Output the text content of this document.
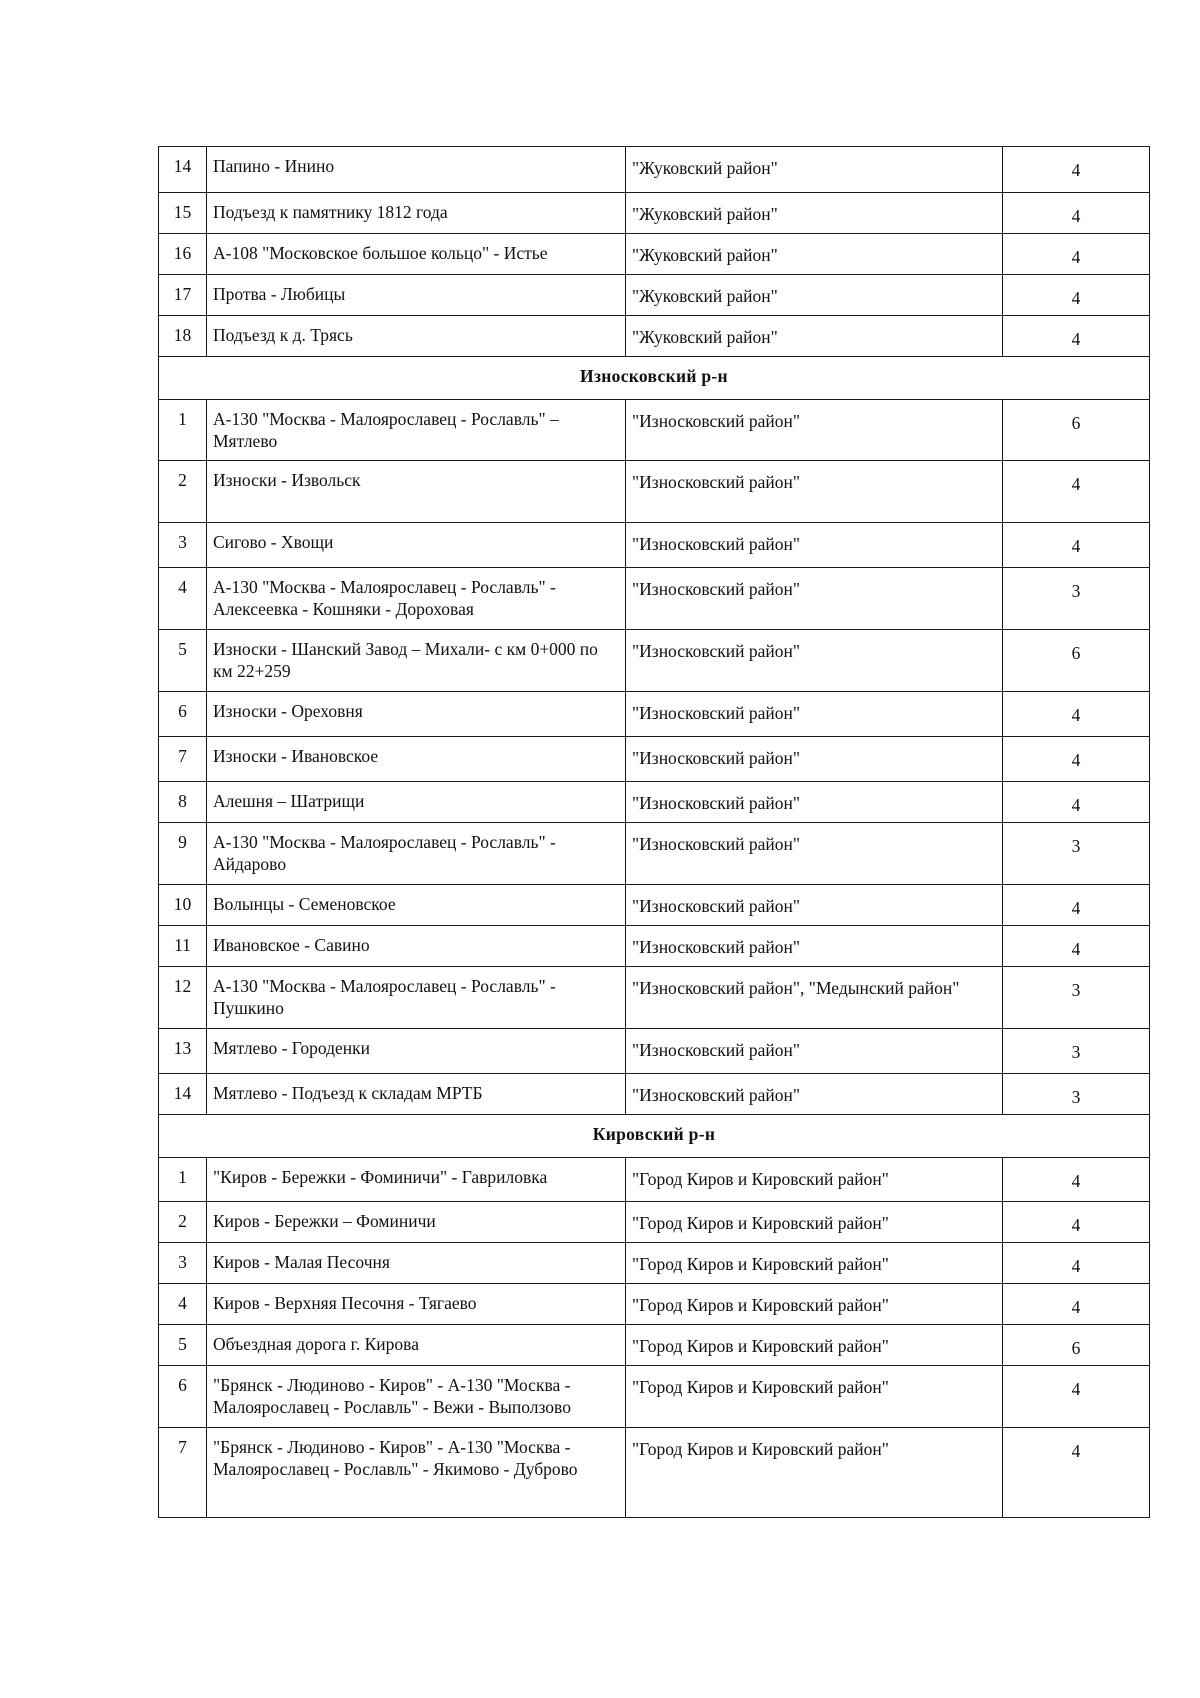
14	Папино - Инино	"Жуковский район"	4
15	Подъезд к памятнику 1812 года	"Жуковский район"	4
16	А-108 "Московское большое кольцо" - Истье	"Жуковский район"	4
17	Протва - Любицы	"Жуковский район"	4
18	Подъезд к д. Трясь	"Жуковский район"	4
Износковский р-н			
1	А-130 "Москва - Малоярославец - Рославль" – Мятлево	"Износковский район"	6
2	Износки - Извольск	"Износковский район"	4
3	Сигово - Хвощи	"Износковский район"	4
4	А-130 "Москва - Малоярославец - Рославль" - Алексеевка - Кошняки - Дороховая	"Износковский район"	3
5	Износки - Шанский Завод – Михали- с км 0+000 по км 22+259	"Износковский район"	6
6	Износки - Ореховня	"Износковский район"	4
7	Износки - Ивановское	"Износковский район"	4
8	Алешня – Шатрищи	"Износковский район"	4
9	А-130 "Москва - Малоярославец - Рославль" - Айдарово	"Износковский район"	3
10	Волынцы - Семеновское	"Износковский район"	4
11	Ивановское - Савино	"Износковский район"	4
12	А-130 "Москва - Малоярославец - Рославль" - Пушкино	"Износковский район", "Медынский район"	3
13	Мятлево - Городенки	"Износковский район"	3
14	Мятлево - Подъезд к складам МРТБ	"Износковский район"	3
Кировский р-н			
1	"Киров - Бережки - Фоминичи" - Гавриловка	"Город Киров и Кировский район"	4
2	Киров - Бережки – Фоминичи	"Город Киров и Кировский район"	4
3	Киров - Малая Песочня	"Город Киров и Кировский район"	4
4	Киров - Верхняя Песочня - Тягаево	"Город Киров и Кировский район"	4
5	Объездная дорога г. Кирова	"Город Киров и Кировский район"	6
6	"Брянск - Людиново - Киров" - А-130 "Москва - Малоярославец - Рославль" - Вежи - Выползово	"Город Киров и Кировский район"	4
7	"Брянск - Людиново - Киров" - А-130 "Москва - Малоярославец - Рославль" - Якимово - Дуброво	"Город Киров и Кировский район"	4
